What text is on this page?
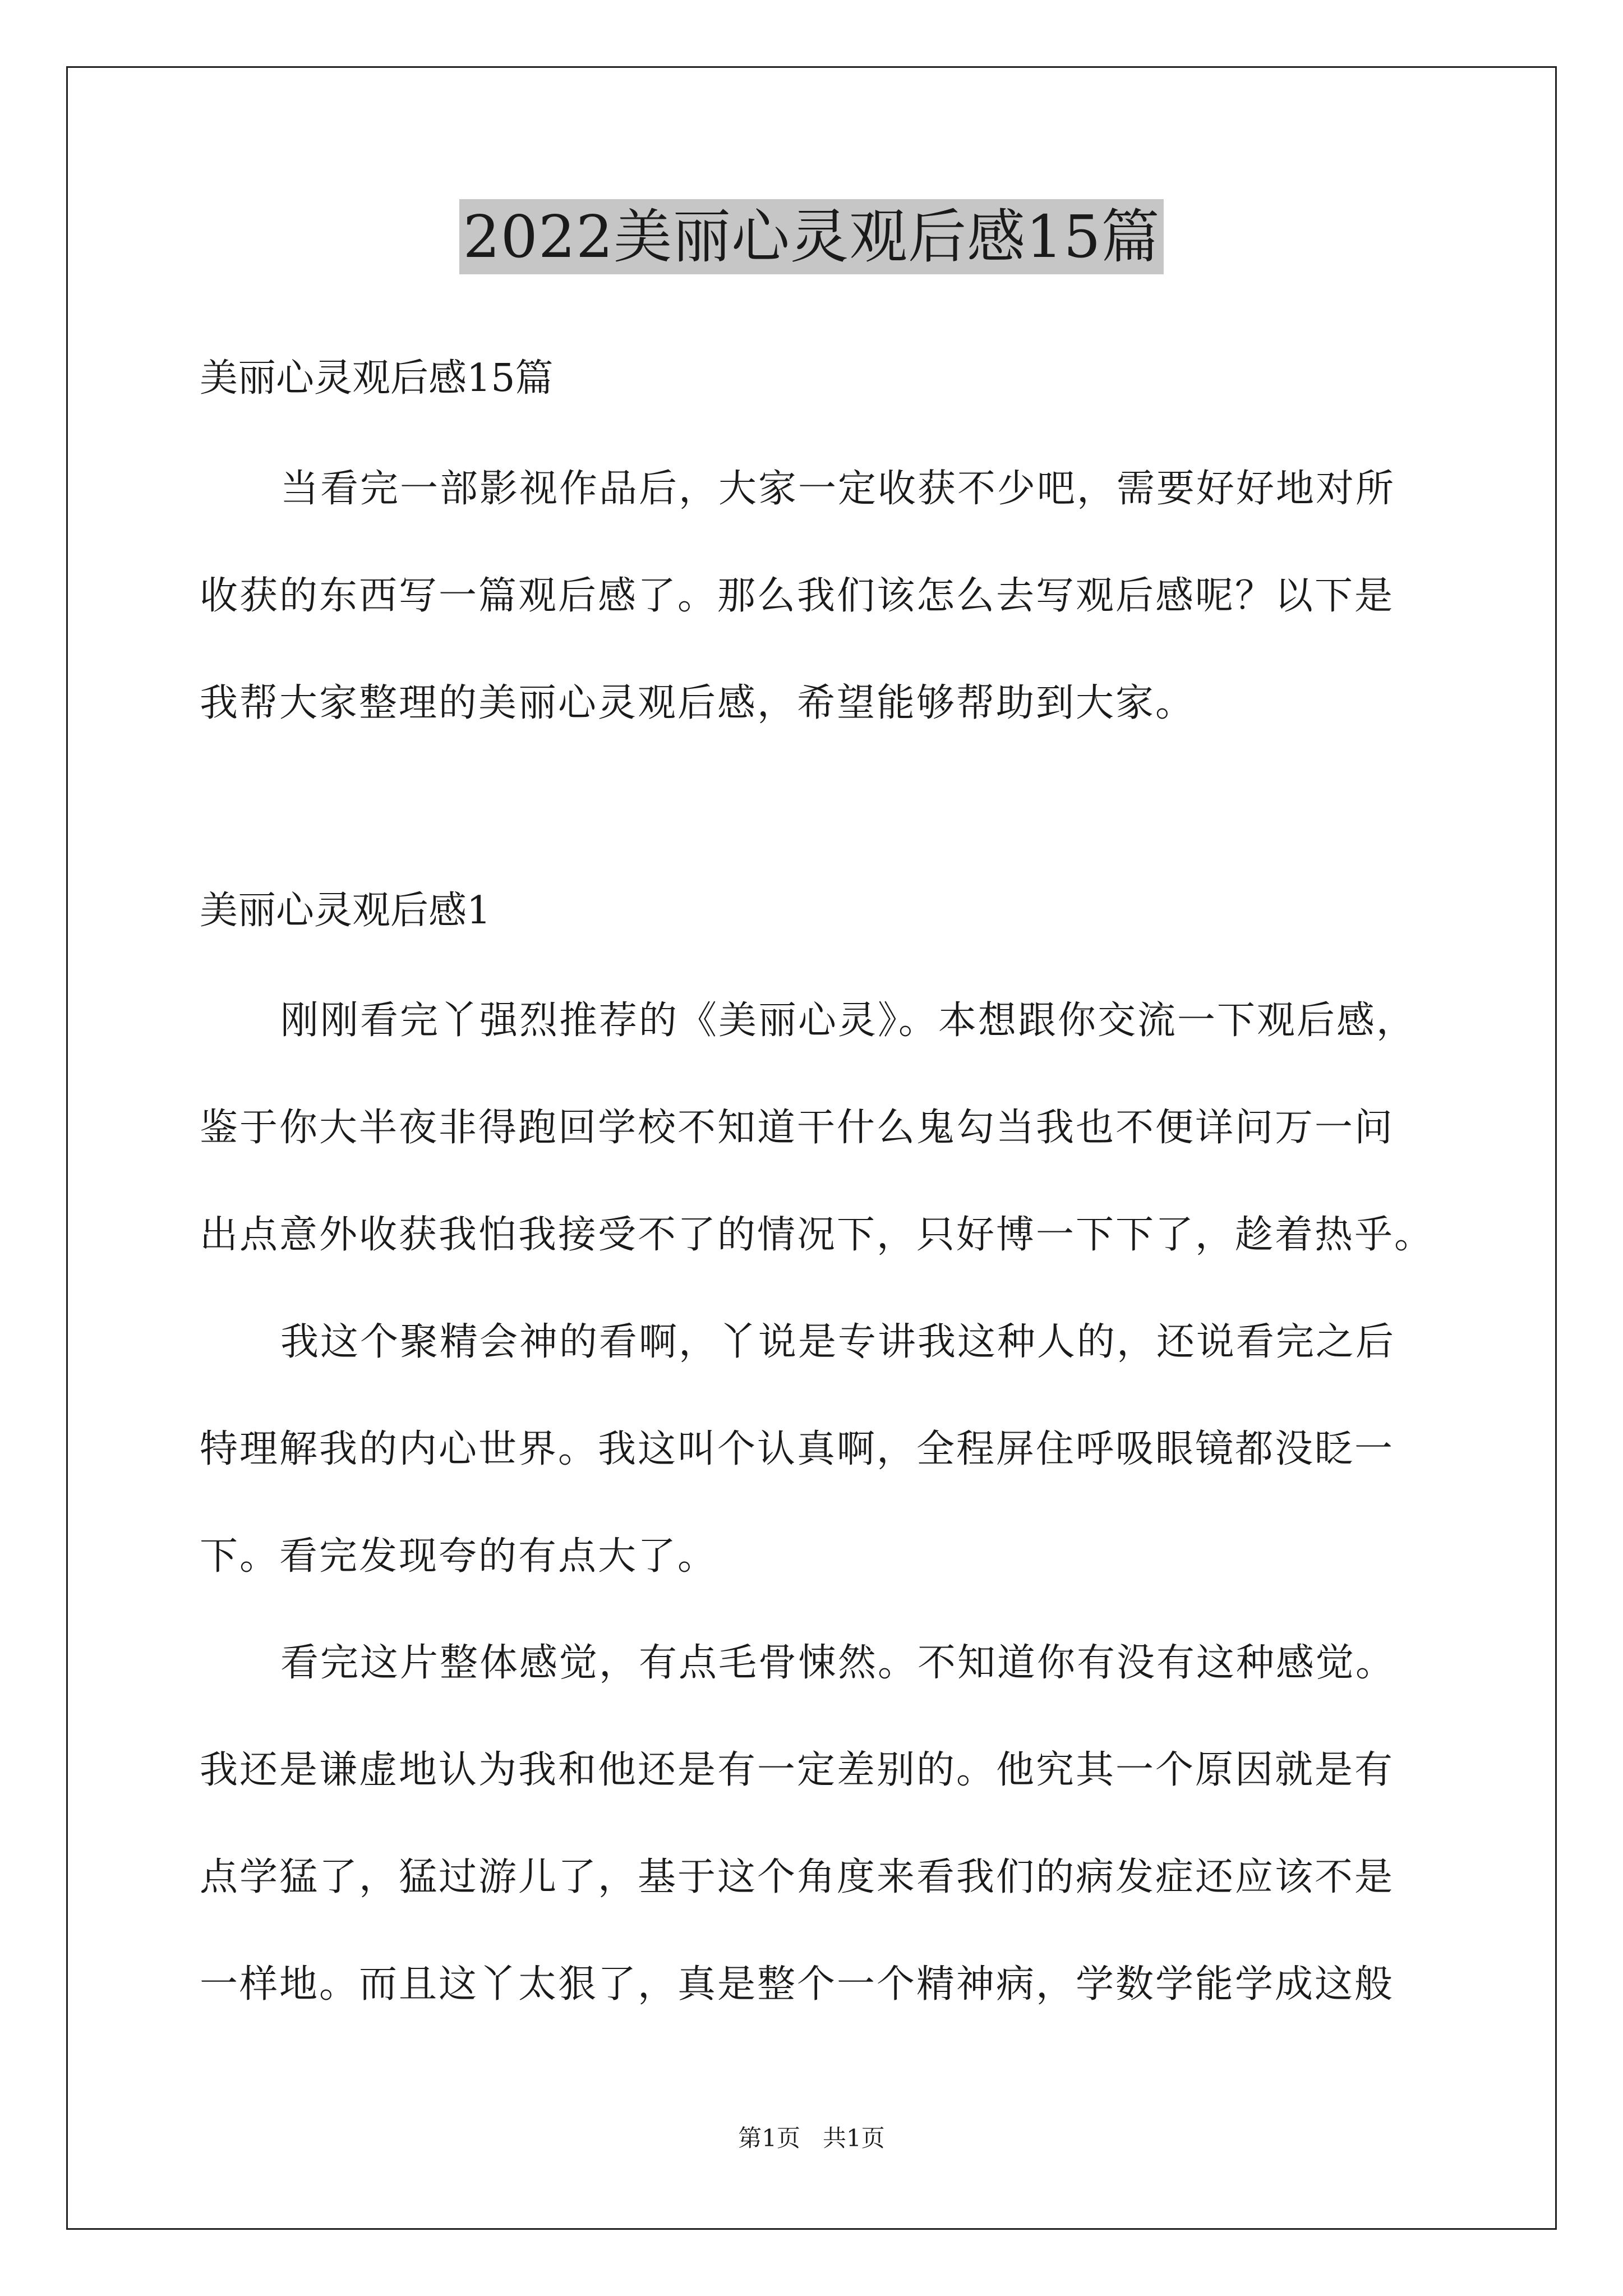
2022美丽心灵观后感15篇

美丽心灵观后感15篇

当看完一部影视作品后，大家一定收获不少吧，需要好好地对所

收获的东西写一篇观后感了。那么我们该怎么去写观后感呢？以下是

我帮大家整理的美丽心灵观后感，希望能够帮助到大家。

美丽心灵观后感1

刚刚看完丫强烈推荐的《美丽心灵》。本想跟你交流一下观后感，

鉴于你大半夜非得跑回学校不知道干什么鬼勾当我也不便详问万一问

出点意外收获我怕我接受不了的情况下，只好博一下下了，趁着热乎。

我这个聚精会神的看啊，丫说是专讲我这种人的，还说看完之后

特理解我的内心世界。我这叫个认真啊，全程屏住呼吸眼镜都没眨一

下。看完发现夸的有点大了。

看完这片整体感觉，有点毛骨悚然。不知道你有没有这种感觉。

我还是谦虚地认为我和他还是有一定差别的。他究其一个原因就是有

点学猛了，猛过游儿了，基于这个角度来看我们的病发症还应该不是

一样地。而且这丫太狠了，真是整个一个精神病，学数学能学成这般

第1页   共1页
